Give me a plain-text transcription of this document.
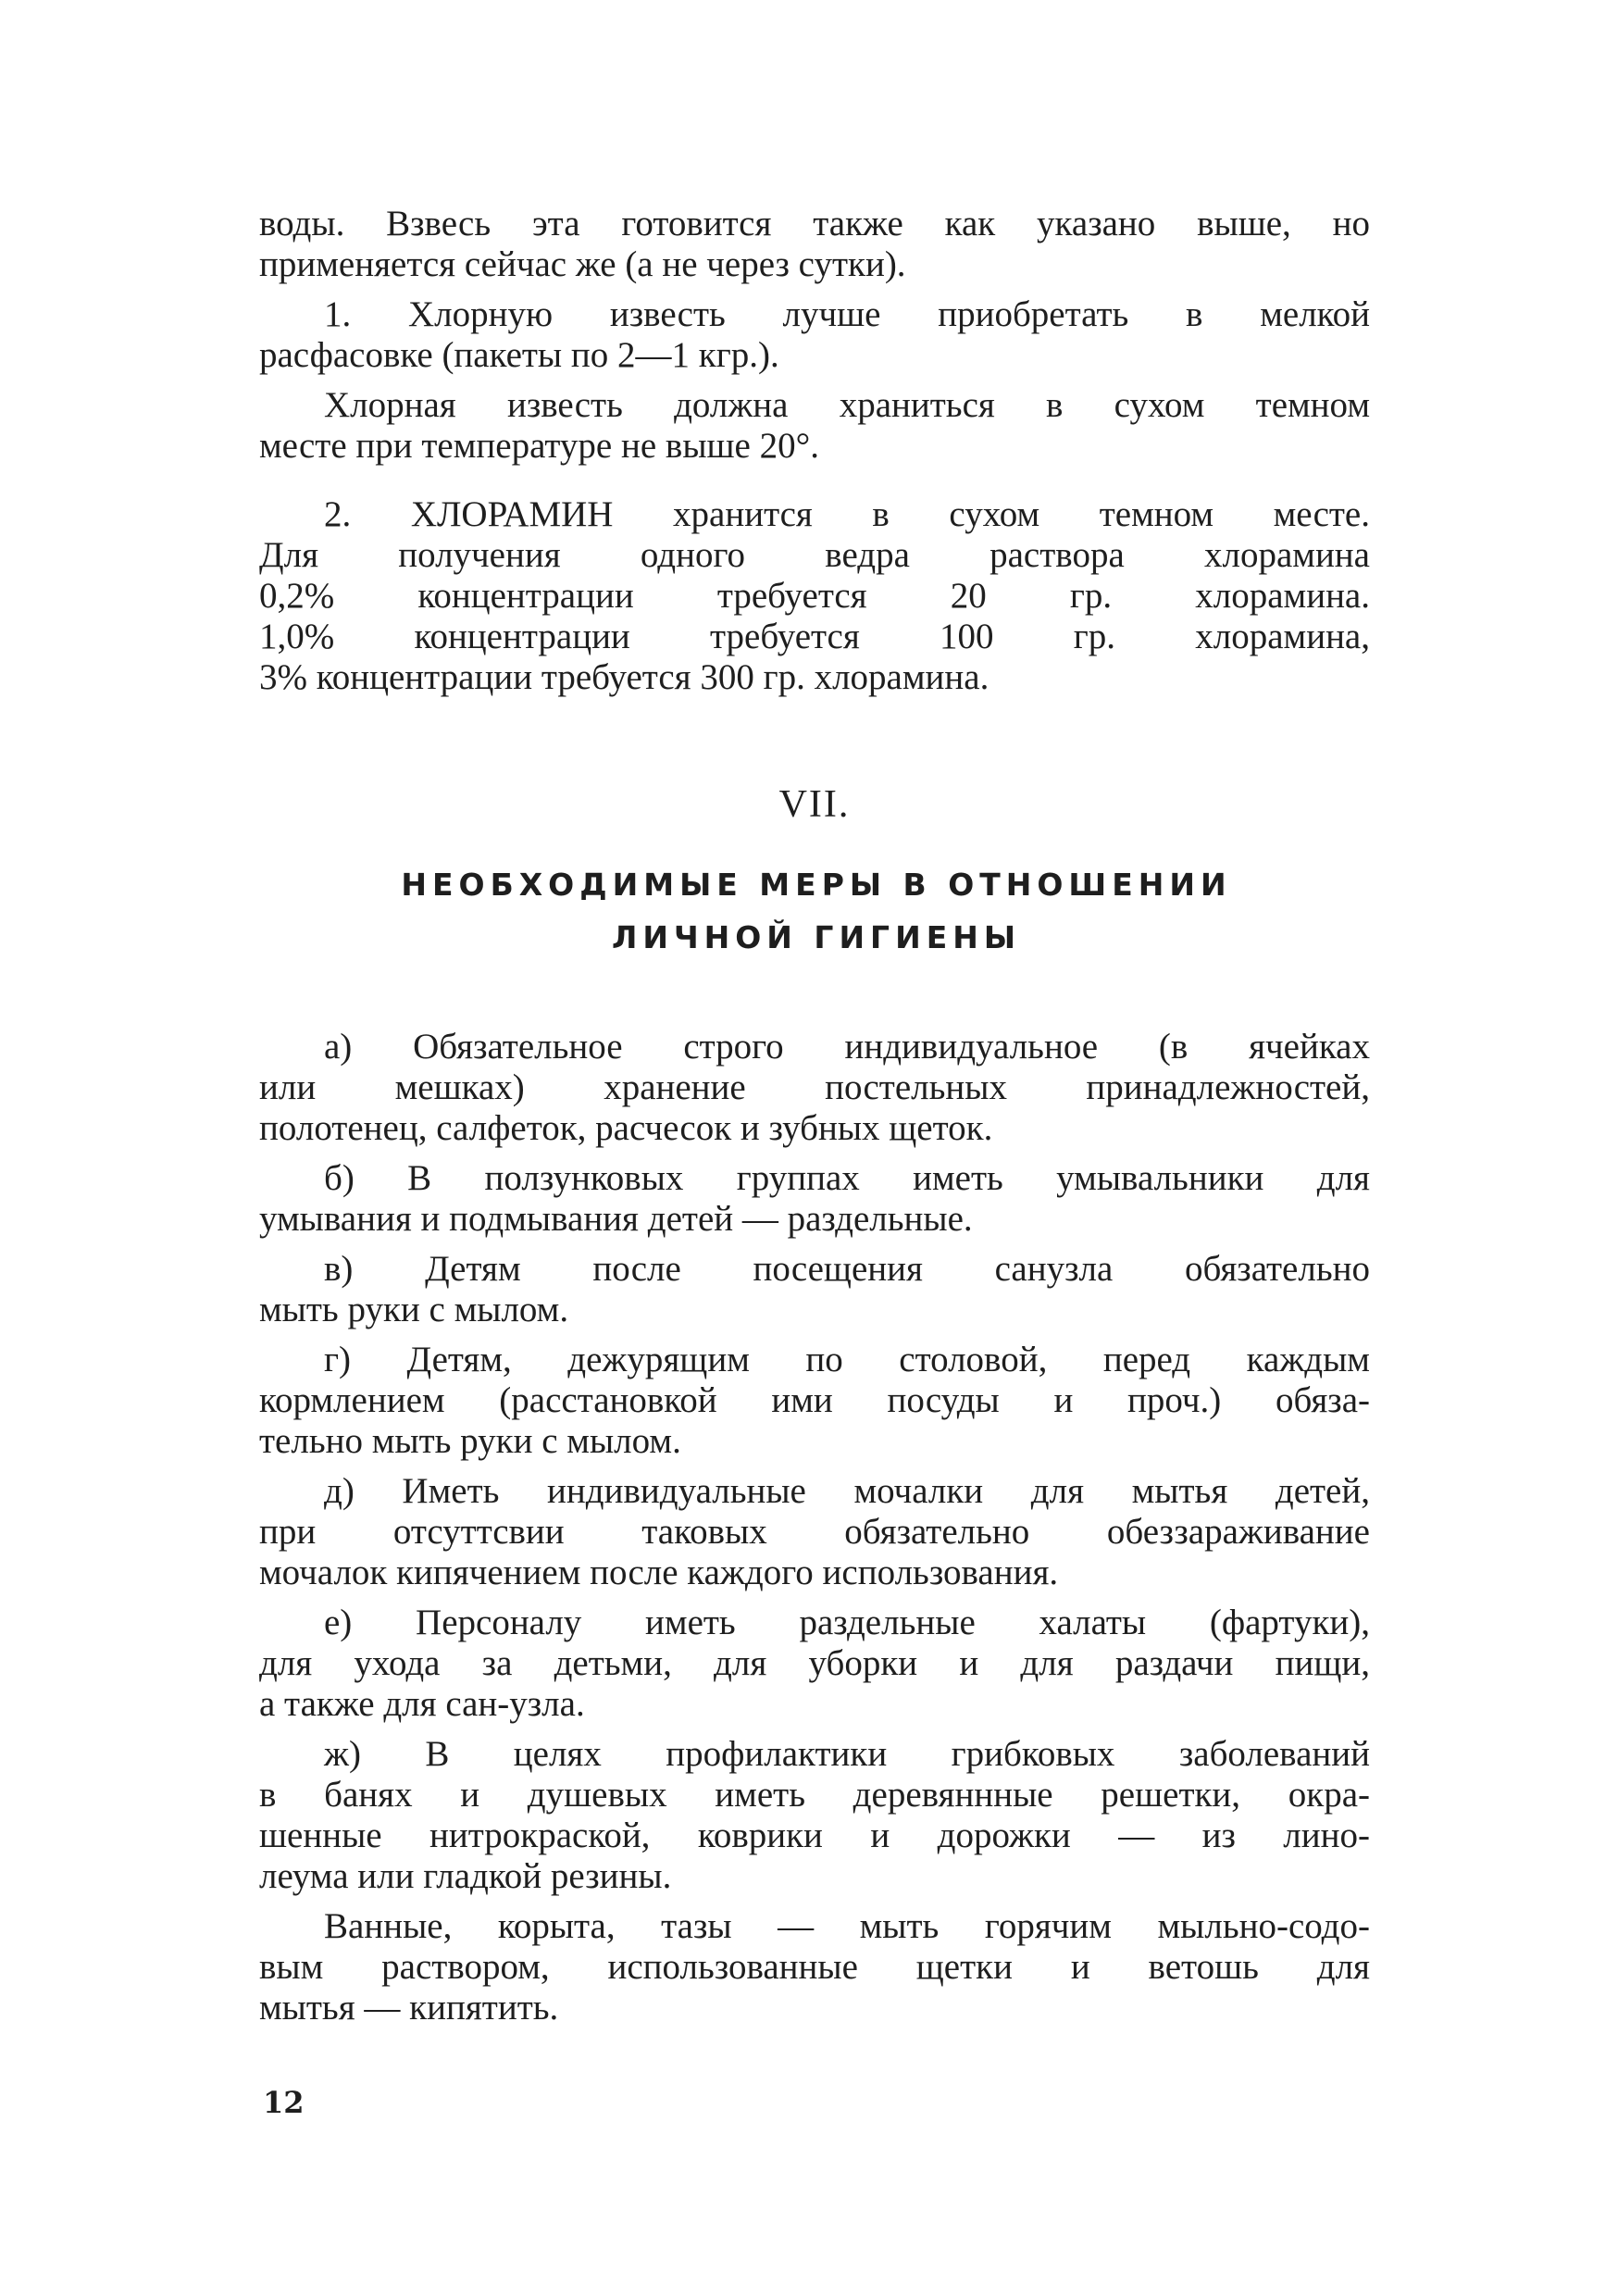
воды. Взвесь эта готовится также как указано выше, но
применяется сейчас же (а не через сутки).
1. Хлорную известь лучше приобретать в мелкой
расфасовке (пакеты по 2—1 кгр.).
Хлорная известь должна храниться в сухом темном
месте при температуре не выше 20°.
2. ХЛОРАМИН хранится в сухом темном месте.
Для получения одного ведра раствора хлорамина
0,2% концентрации требуется 20 гр. хлорамина.
1,0% концентрации требуется 100 гр. хлорамина,
3% концентрации требуется 300 гр. хлорамина.
VII.
НЕОБХОДИМЫЕ МЕРЫ В ОТНОШЕНИИ
ЛИЧНОЙ ГИГИЕНЫ
а) Обязательное строго индивидуальное (в ячейках
или мешках) хранение постельных принадлежностей,
полотенец, салфеток, расчесок и зубных щеток.
б) В ползунковых группах иметь умывальники для
умывания и подмывания детей — раздельные.
в) Детям после посещения санузла обязательно
мыть руки с мылом.
г) Детям, дежурящим по столовой, перед каждым
кормлением (расстановкой ими посуды и проч.) обяза-
тельно мыть руки с мылом.
д) Иметь индивидуальные мочалки для мытья детей,
при отсуттсвии таковых обязательно обеззараживание
мочалок кипячением после каждого использования.
е) Персоналу иметь раздельные халаты (фартуки),
для ухода за детьми, для уборки и для раздачи пищи,
а также для сан-узла.
ж) В целях профилактики грибковых заболеваний
в банях и душевых иметь деревяннные решетки, окра-
шенные нитрокраской, коврики и дорожки — из лино-
леума или гладкой резины.
Ванные, корыта, тазы — мыть горячим мыльно-содо-
вым раствором, использованные щетки и ветошь для
мытья — кипятить.
12
